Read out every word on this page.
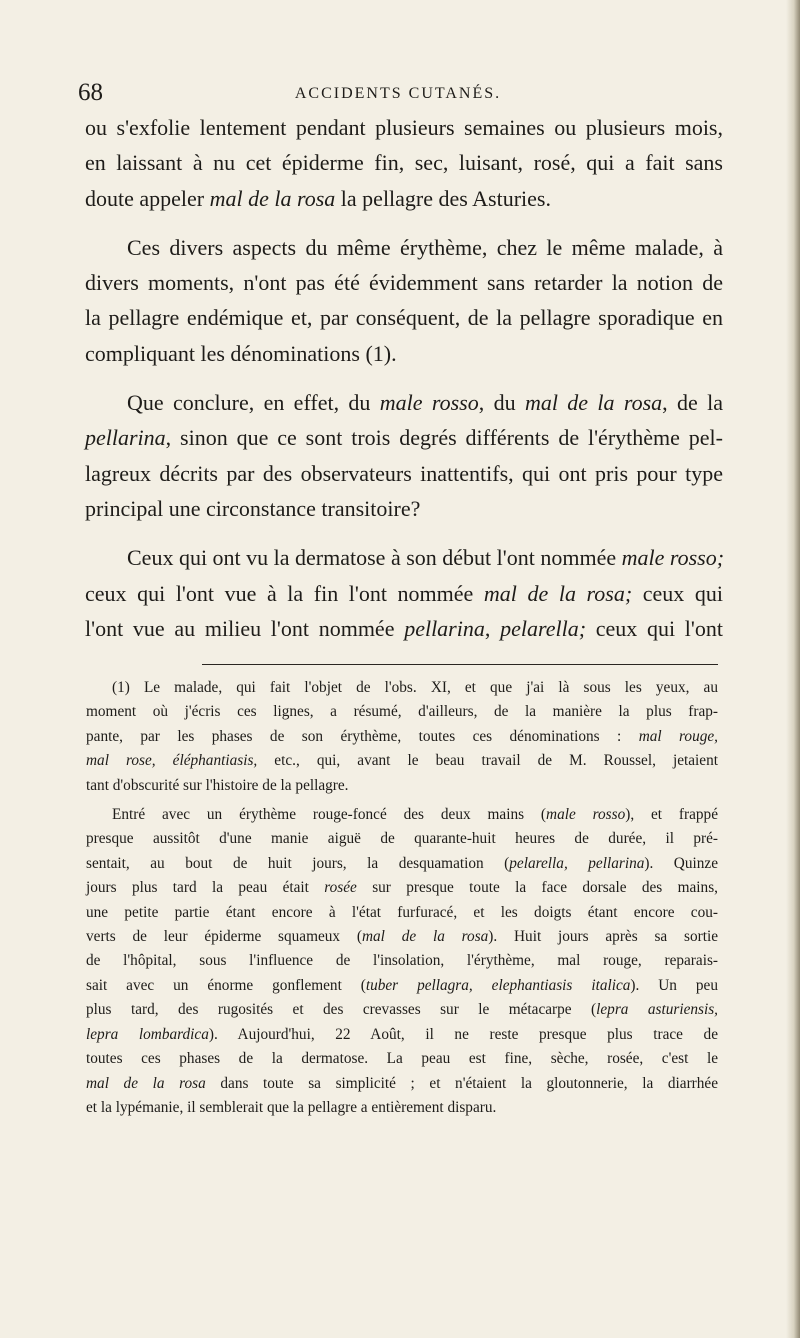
68	ACCIDENTS CUTANÉS.

ou s'exfolie lentement pendant plusieurs semaines ou plusieurs mois,
en laissant à nu cet épiderme fin, sec, luisant, rosé, qui a fait sans
doute appeler mal de la rosa la pellagre des Asturies.

Ces divers aspects du même érythème, chez le même malade, à
divers moments, n'ont pas été évidemment sans retarder la notion de
la pellagre endémique et, par conséquent, de la pellagre sporadique en
compliquant les dénominations (1).

Que conclure, en effet, du male rosso, du mal de la rosa, de la
pellarina, sinon que ce sont trois degrés différents de l'érythème pel-
lagreux décrits par des observateurs inattentifs, qui ont pris pour type
principal une circonstance transitoire?

Ceux qui ont vu la dermatose à son début l'ont nommée male rosso;
ceux qui l'ont vue à la fin l'ont nommée mal de la rosa; ceux qui
l'ont vue au milieu l'ont nommée pellarina, pelarella; ceux qui l'ont

(1) Le malade, qui fait l'objet de l'obs. XI, et que j'ai là sous les yeux, au
moment où j'écris ces lignes, a résumé, d'ailleurs, de la manière la plus frap-
pante, par les phases de son érythème, toutes ces dénominations : mal rouge,
mal rose, éléphantiasis, etc., qui, avant le beau travail de M. Roussel, jetaient
tant d'obscurité sur l'histoire de la pellagre.
Entré avec un érythème rouge-foncé des deux mains (male rosso), et frappé
presque aussitôt d'une manie aiguë de quarante-huit heures de durée, il pré-
sentait, au bout de huit jours, la desquamation (pelarella, pellarina). Quinze
jours plus tard la peau était rosée sur presque toute la face dorsale des mains,
une petite partie étant encore à l'état furfuracé, et les doigts étant encore cou-
verts de leur épiderme squameux (mal de la rosa). Huit jours après sa sortie
de l'hôpital, sous l'influence de l'insolation, l'érythème, mal rouge, reparais-
sait avec un énorme gonflement (tuber pellagra, elephantiasis italica). Un peu
plus tard, des rugosités et des crevasses sur le métacarpe (lepra asturiensis,
lepra lombardica). Aujourd'hui, 22 Août, il ne reste presque plus trace de
toutes ces phases de la dermatose. La peau est fine, sèche, rosée, c'est le
mal de la rosa dans toute sa simplicité ; et n'étaient la gloutonnerie, la diarrhée
et la lypémanie, il semblerait que la pellagre a entièrement disparu.
